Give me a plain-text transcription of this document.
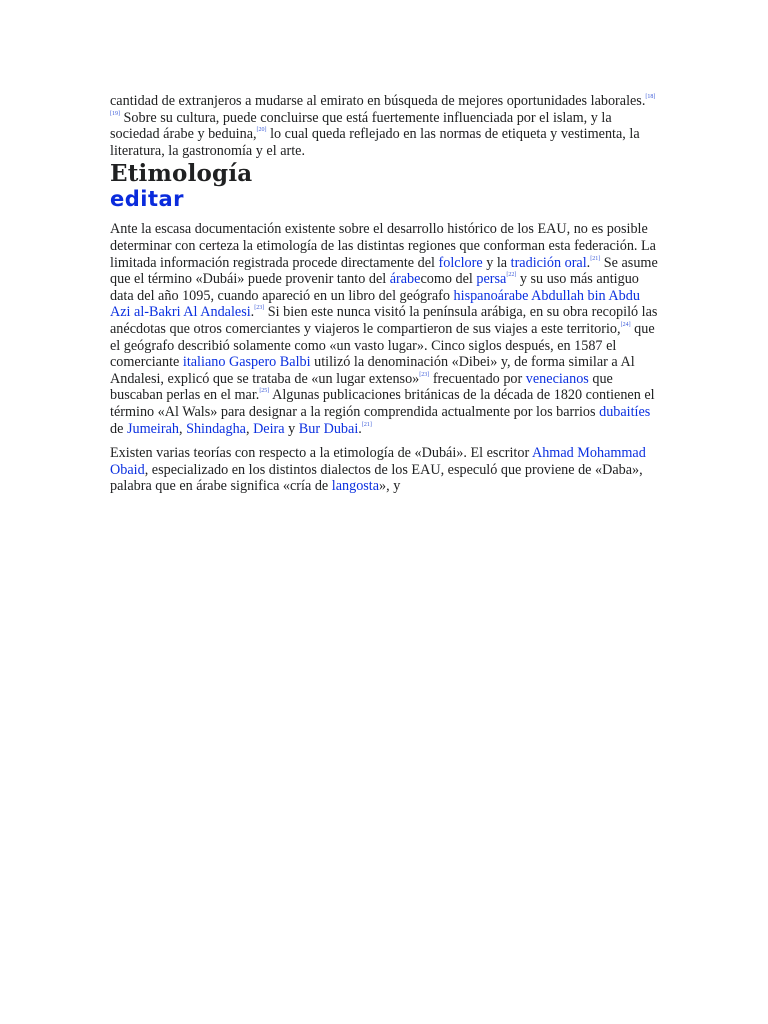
cantidad de extranjeros a mudarse al emirato en búsqueda de mejores oportunidades laborales.[18][19] Sobre su cultura, puede concluirse que está fuertemente influenciada por el islam, y la sociedad árabe y beduina,[20] lo cual queda reflejado en las normas de etiqueta y vestimenta, la literatura, la gastronomía y el arte.

Etimología
editar

Ante la escasa documentación existente sobre el desarrollo histórico de los EAU, no es posible determinar con certeza la etimología de las distintas regiones que conforman esta federación. La limitada información registrada procede directamente del folclore y la tradición oral.[21] Se asume que el término «Dubái» puede provenir tanto del árabecomo del persa[22] y su uso más antiguo data del año 1095, cuando apareció en un libro del geógrafo hispanoárabe Abdullah bin Abdu Azi al-Bakri Al Andalesi.[23] Si bien este nunca visitó la península arábiga, en su obra recopiló las anécdotas que otros comerciantes y viajeros le compartieron de sus viajes a este territorio,[24] que el geógrafo describió solamente como «un vasto lugar». Cinco siglos después, en 1587 el comerciante italiano Gaspero Balbi utilizó la denominación «Dibei» y, de forma similar a Al Andalesi, explicó que se trataba de «un lugar extenso»[23] frecuentado por venecianos que buscaban perlas en el mar.[25] Algunas publicaciones británicas de la década de 1820 contienen el término «Al Wals» para designar a la región comprendida actualmente por los barrios dubaitíes de Jumeirah, Shindagha, Deira y Bur Dubai.[21]

Existen varias teorías con respecto a la etimología de «Dubái». El escritor Ahmad Mohammad Obaid, especializado en los distintos dialectos de los EAU, especuló que proviene de «Daba», palabra que en árabe significa «cría de langosta», y
